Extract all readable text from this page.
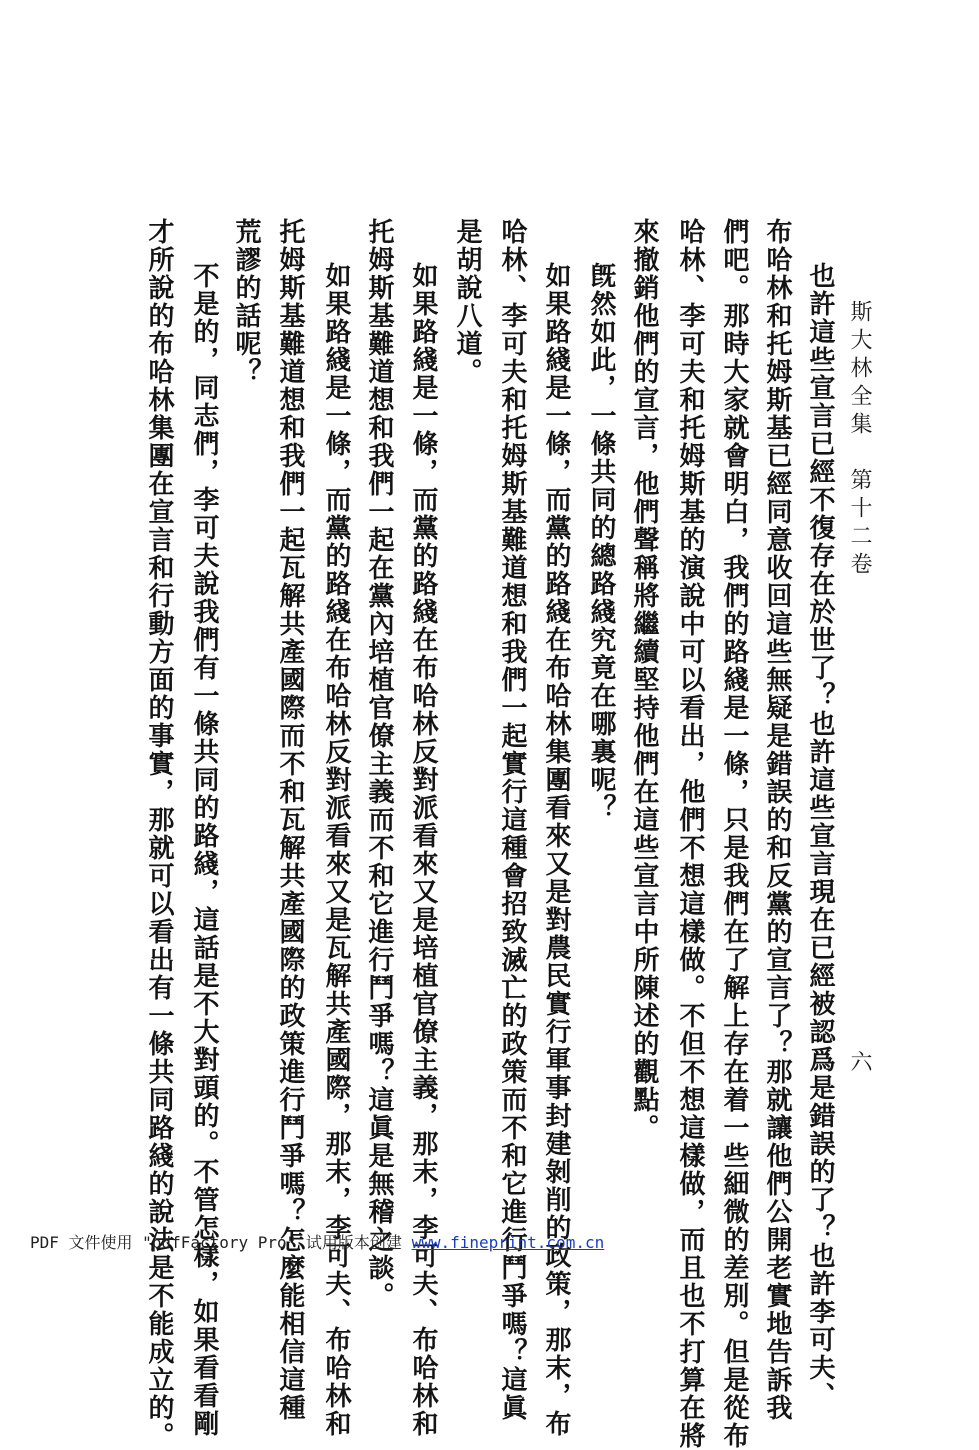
斯大林全集　第十二卷
六
也許這些宣言已經不復存在於世了？也許這些宣言現在已經被認爲是錯誤的了？也許李可夫、
布哈林和托姆斯基已經同意收回這些無疑是錯誤的和反黨的宣言了？那就讓他們公開老實地告訴我
們吧。那時大家就會明白，我們的路綫是一條，只是我們在了解上存在着一些細微的差別。但是從布
哈林、李可夫和托姆斯基的演說中可以看出，他們不想這樣做。不但不想這樣做，而且也不打算在將
來撤銷他們的宣言，他們聲稱將繼續堅持他們在這些宣言中所陳述的觀點。
旣然如此，一條共同的總路綫究竟在哪裏呢？
如果路綫是一條，而黨的路綫在布哈林集團看來又是對農民實行軍事封建剝削的政策，那末，布
哈林、李可夫和托姆斯基難道想和我們一起實行這種會招致滅亡的政策而不和它進行鬥爭嗎？這眞
是胡說八道。
如果路綫是一條，而黨的路綫在布哈林反對派看來又是培植官僚主義，那末，李可夫、布哈林和
托姆斯基難道想和我們一起在黨內培植官僚主義而不和它進行鬥爭嗎？這眞是無稽之談。
如果路綫是一條，而黨的路綫在布哈林反對派看來又是瓦解共產國際，那末，李可夫、布哈林和
托姆斯基難道想和我們一起瓦解共產國際而不和瓦解共產國際的政策進行鬥爭嗎？怎麼能相信這種
荒謬的話呢？
不是的，同志們，李可夫說我們有一條共同的路綫，這話是不大對頭的。不管怎樣，如果看看剛
才所說的布哈林集團在宣言和行動方面的事實，那就可以看出有一條共同路綫的說法是不能成立的。
PDF 文件使用 "pdfFactory Pro" 试用版本创建 www.fineprint.com.cn
